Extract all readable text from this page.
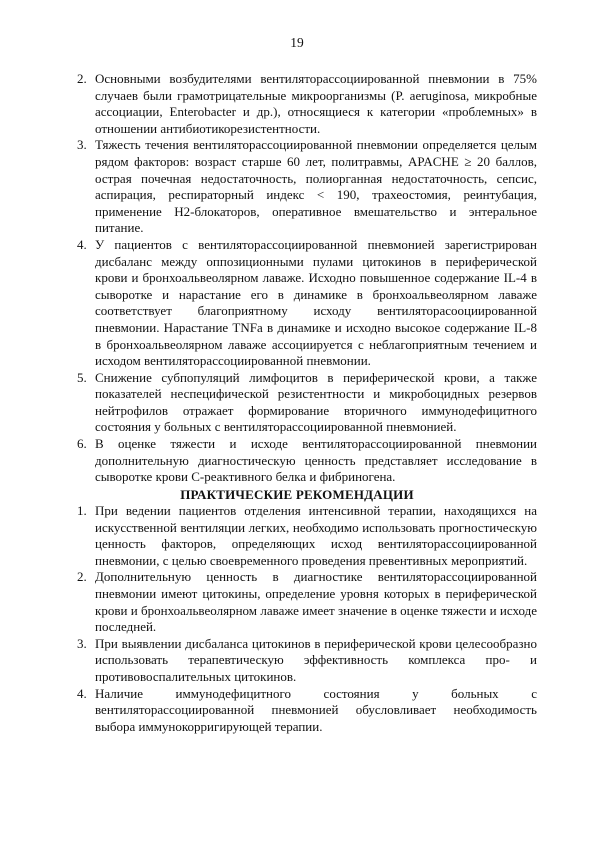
19
2. Основными возбудителями вентиляторассоциированной пневмонии в 75% случаев были грамотрицательные микроорганизмы (P. aeruginosa, микробные ассоциации, Enterobacter и др.), относящиеся к категории «проблемных» в отношении антибиотикорезистентности.
3. Тяжесть течения вентиляторассоциированной пневмонии определяется целым рядом факторов: возраст старше 60 лет, политравмы, APACHE ≥ 20 баллов, острая почечная недостаточность, полиорганная недостаточность, сепсис, аспирация, респираторный индекс < 190, трахеостомия, реинтубация, применение H2-блокаторов, оперативное вмешательство и энтеральное питание.
4. У пациентов с вентиляторассоциированной пневмонией зарегистрирован дисбаланс между оппозиционными пулами цитокинов в периферической крови и бронхоальвеолярном лаваже. Исходно повышенное содержание IL-4 в сыворотке и нарастание его в динамике в бронхоальвеолярном лаваже соответствует благоприятному исходу вентиляторасооциированной пневмонии. Нарастание TNFa в динамике и исходно высокое содержание IL-8 в бронхоальвеолярном лаваже ассоциируется с неблагоприятным течением и исходом вентиляторассоциированной пневмонии.
5. Снижение субпопуляций лимфоцитов в периферической крови, а также показателей неспецифической резистентности и микробоцидных резервов нейтрофилов отражает формирование вторичного иммунодефицитного состояния у больных с вентиляторассоциированной пневмонией.
6. В оценке тяжести и исходе вентиляторассоциированной пневмонии дополнительную диагностическую ценность представляет исследование в сыворотке крови С-реактивного белка и фибриногена.
ПРАКТИЧЕСКИЕ РЕКОМЕНДАЦИИ
1. При ведении пациентов отделения интенсивной терапии, находящихся на искусственной вентиляции легких, необходимо использовать прогностическую ценность факторов, определяющих исход вентиляторассоциированной пневмонии, с целью своевременного проведения превентивных мероприятий.
2. Дополнительную ценность в диагностике вентиляторассоциированной пневмонии имеют цитокины, определение уровня которых в периферической крови и бронхоальвеолярном лаваже имеет значение в оценке тяжести и исходе последней.
3. При выявлении дисбаланса цитокинов в периферической крови целесообразно использовать терапевтическую эффективность комплекса про- и противовоспалительных цитокинов.
4. Наличие иммунодефицитного состояния у больных с вентиляторассоциированной пневмонией обусловливает необходимость выбора иммунокорригирующей терапии.
